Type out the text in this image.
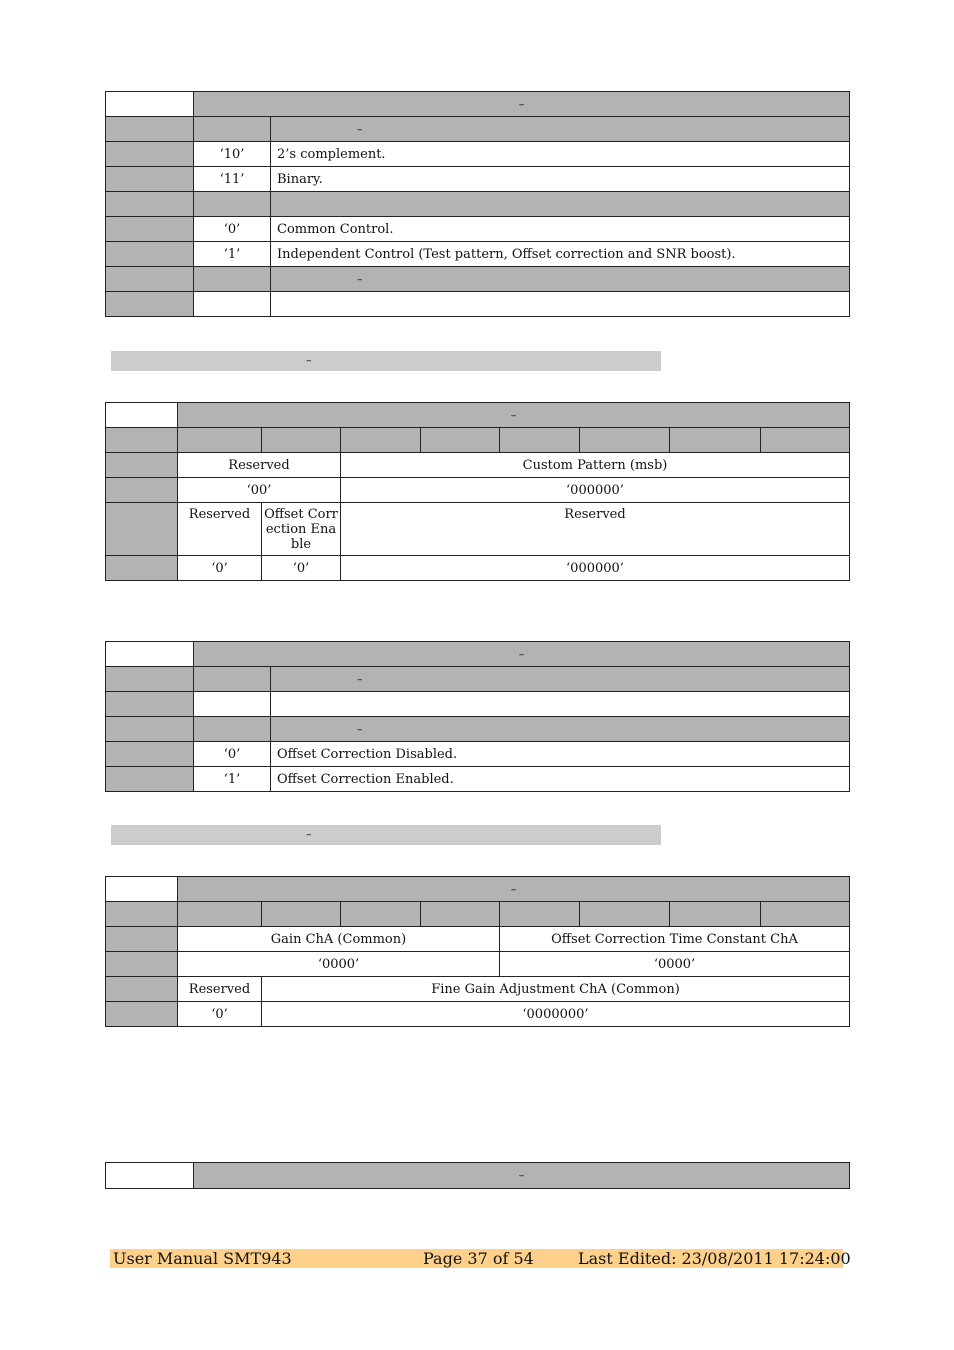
	–	
		–
	‘10’	2’s complement.
	‘11’	Binary.

	‘0’	Common Control.
	‘1’	Independent Control (Test pattern, Offset correction and SNR boost).
		–

–
	–							

	Reserved		Custom Pattern (msb)					
	‘00’		‘000000’					
	Reserved	Offset Correction Enable	Reserved					
	‘0’	‘0’	‘000000’					
	–	
		–

		–
	‘0’	Offset Correction Disabled.
	‘1’	Offset Correction Enabled.
–
	–							

	Gain ChA (Common)				Offset Correction Time Constant ChA			
	‘0000’				‘0000’			
	Reserved	Fine Gain Adjustment ChA (Common)						
	‘0’	‘0000000’						
	–
User Manual SMT943	Page 37 of 54	Last Edited: 23/08/2011 17:24:00
